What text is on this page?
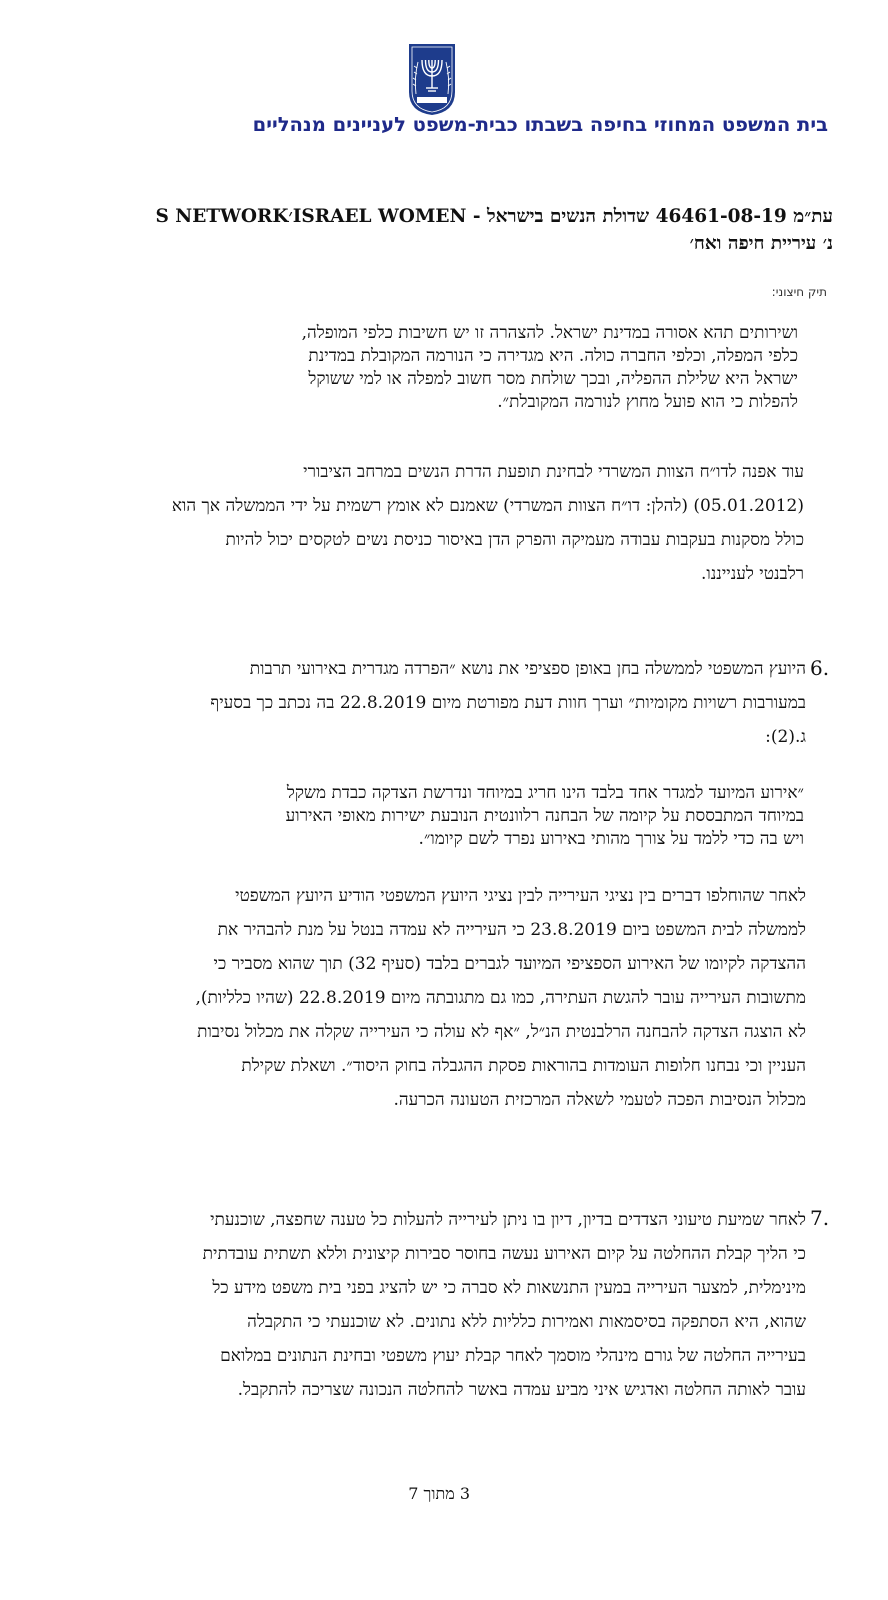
בית המשפט המחוזי בחיפה בשבתו כבית-משפט לעניינים מנהליים
עת״מ 46461-08-19 שדולת הנשים בישראל - ISRAEL WOMEN׳S NETWORK
נ׳ עיריית חיפה ואח׳
תיק חיצוני:
ושירותים תהא אסורה במדינת ישראל. להצהרה זו יש חשיבות כלפי המופלה,
כלפי המפלה, וכלפי החברה כולה. היא מגדירה כי הנורמה המקובלת במדינת
ישראל היא שלילת ההפליה, ובכך שולחת מסר חשוב למפלה או למי ששוקל
להפלות כי הוא פועל מחוץ לנורמה המקובלת״.
עוד אפנה לדו״ח הצוות המשרדי לבחינת תופעת הדרת הנשים במרחב הציבורי
(05.01.2012) (להלן: דו״ח הצוות המשרדי) שאמנם לא אומץ רשמית על ידי הממשלה אך הוא
כולל מסקנות בעקבות עבודה מעמיקה והפרק הדן באיסור כניסת נשים לטקסים יכול להיות
רלבנטי לענייננו.
6.
היועץ המשפטי לממשלה בחן באופן ספציפי את נושא ״הפרדה מגדרית באירועי תרבות
במעורבות רשויות מקומיות״ וערך חוות דעת מפורטת מיום 22.8.2019 בה נכתב כך בסעיף
ג.(2):
״אירוע המיועד למגדר אחד בלבד הינו חריג במיוחד ונדרשת הצדקה כבדת משקל
במיוחד המתבססת על קיומה של הבחנה רלוונטית הנובעת ישירות מאופי האירוע
ויש בה כדי ללמד על צורך מהותי באירוע נפרד לשם קיומו״.
לאחר שהוחלפו דברים בין נציגי העירייה לבין נציגי היועץ המשפטי הודיע היועץ המשפטי
לממשלה לבית המשפט ביום 23.8.2019 כי העירייה לא עמדה בנטל על מנת להבהיר את
ההצדקה לקיומו של האירוע הספציפי המיועד לגברים בלבד (סעיף 32) תוך שהוא מסביר כי
מתשובות העירייה עובר להגשת העתירה, כמו גם מתגובתה מיום 22.8.2019 (שהיו כלליות),
לא הוצגה הצדקה להבחנה הרלבנטית הנ״ל, ״אף לא עולה כי העירייה שקלה את מכלול נסיבות
העניין וכי נבחנו חלופות העומדות בהוראות פסקת ההגבלה בחוק היסוד״. ושאלת שקילת
מכלול הנסיבות הפכה לטעמי לשאלה המרכזית הטעונה הכרעה.
7.
לאחר שמיעת טיעוני הצדדים בדיון, דיון בו ניתן לעירייה להעלות כל טענה שחפצה, שוכנעתי
כי הליך קבלת ההחלטה על קיום האירוע נעשה בחוסר סבירות קיצונית וללא תשתית עובדתית
מינימלית, למצער העירייה במעין התנשאות לא סברה כי יש להציג בפני בית משפט מידע כל
שהוא, היא הסתפקה בסיסמאות ואמירות כלליות ללא נתונים. לא שוכנעתי כי התקבלה
בעירייה החלטה של גורם מינהלי מוסמך לאחר קבלת יעוץ משפטי ובחינת הנתונים במלואם
עובר לאותה החלטה ואדגיש איני מביע עמדה באשר להחלטה הנכונה שצריכה להתקבל.
3 מתוך 7
